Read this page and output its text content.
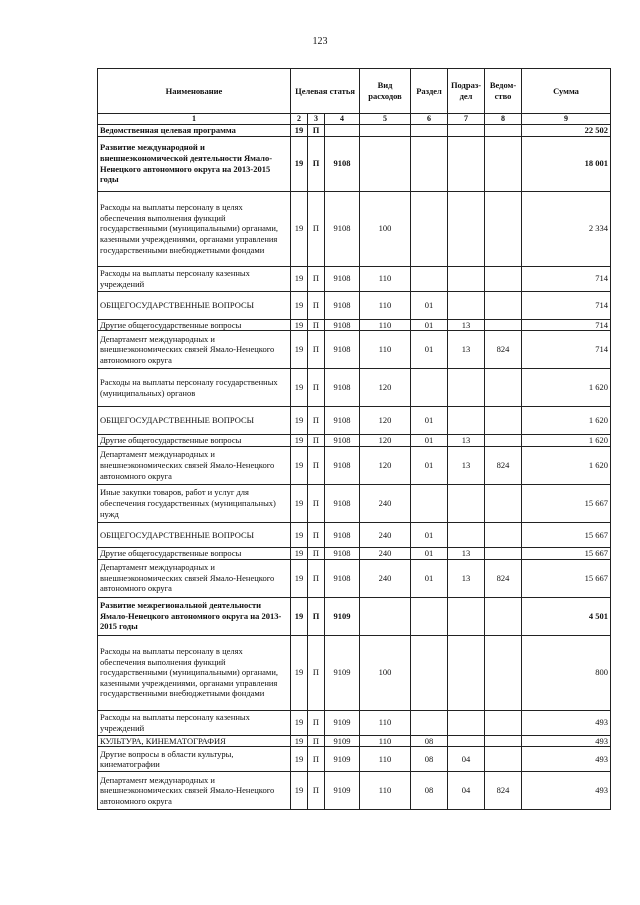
123
Наименование	Целевая статья			Вид расходов	Раздел	Подраз-дел	Ведом-ство	Сумма
1	2	3	4	5	6	7	8	9
Ведомственная целевая программа	19	П						22 502
Развитие международной и внешнеэкономической деятельности Ямало-Ненецкого автономного округа на 2013-2015 годы	19	П	9108					18 001
Расходы на выплаты персоналу в целях обеспечения выполнения функций государственными (муниципальными) органами, казенными учреждениями, органами управления государственными внебюджетными фондами	19	П	9108	100				2 334
Расходы на выплаты персоналу казенных учреждений	19	П	9108	110				714
ОБЩЕГОСУДАРСТВЕННЫЕ ВОПРОСЫ	19	П	9108	110	01			714
Другие общегосударственные вопросы	19	П	9108	110	01	13		714
Департамент международных и внешнеэкономических связей Ямало-Ненецкого автономного округа	19	П	9108	110	01	13	824	714
Расходы на выплаты персоналу государственных (муниципальных) органов	19	П	9108	120				1 620
ОБЩЕГОСУДАРСТВЕННЫЕ ВОПРОСЫ	19	П	9108	120	01			1 620
Другие общегосударственные вопросы	19	П	9108	120	01	13		1 620
Департамент международных и внешнеэкономических связей Ямало-Ненецкого автономного округа	19	П	9108	120	01	13	824	1 620
Иные закупки товаров, работ и услуг для обеспечения государственных (муниципальных) нужд	19	П	9108	240				15 667
ОБЩЕГОСУДАРСТВЕННЫЕ ВОПРОСЫ	19	П	9108	240	01			15 667
Другие общегосударственные вопросы	19	П	9108	240	01	13		15 667
Департамент международных и внешнеэкономических связей Ямало-Ненецкого автономного округа	19	П	9108	240	01	13	824	15 667
Развитие межрегиональной деятельности Ямало-Ненецкого автономного округа на 2013-2015 годы	19	П	9109					4 501
Расходы на выплаты персоналу в целях обеспечения выполнения функций государственными (муниципальными) органами, казенными учреждениями, органами управления государственными внебюджетными фондами	19	П	9109	100				800
Расходы на выплаты персоналу казенных учреждений	19	П	9109	110				493
КУЛЬТУРА, КИНЕМАТОГРАФИЯ	19	П	9109	110	08			493
Другие вопросы в области культуры, кинематографии	19	П	9109	110	08	04		493
Департамент международных и внешнеэкономических связей Ямало-Ненецкого автономного округа	19	П	9109	110	08	04	824	493
